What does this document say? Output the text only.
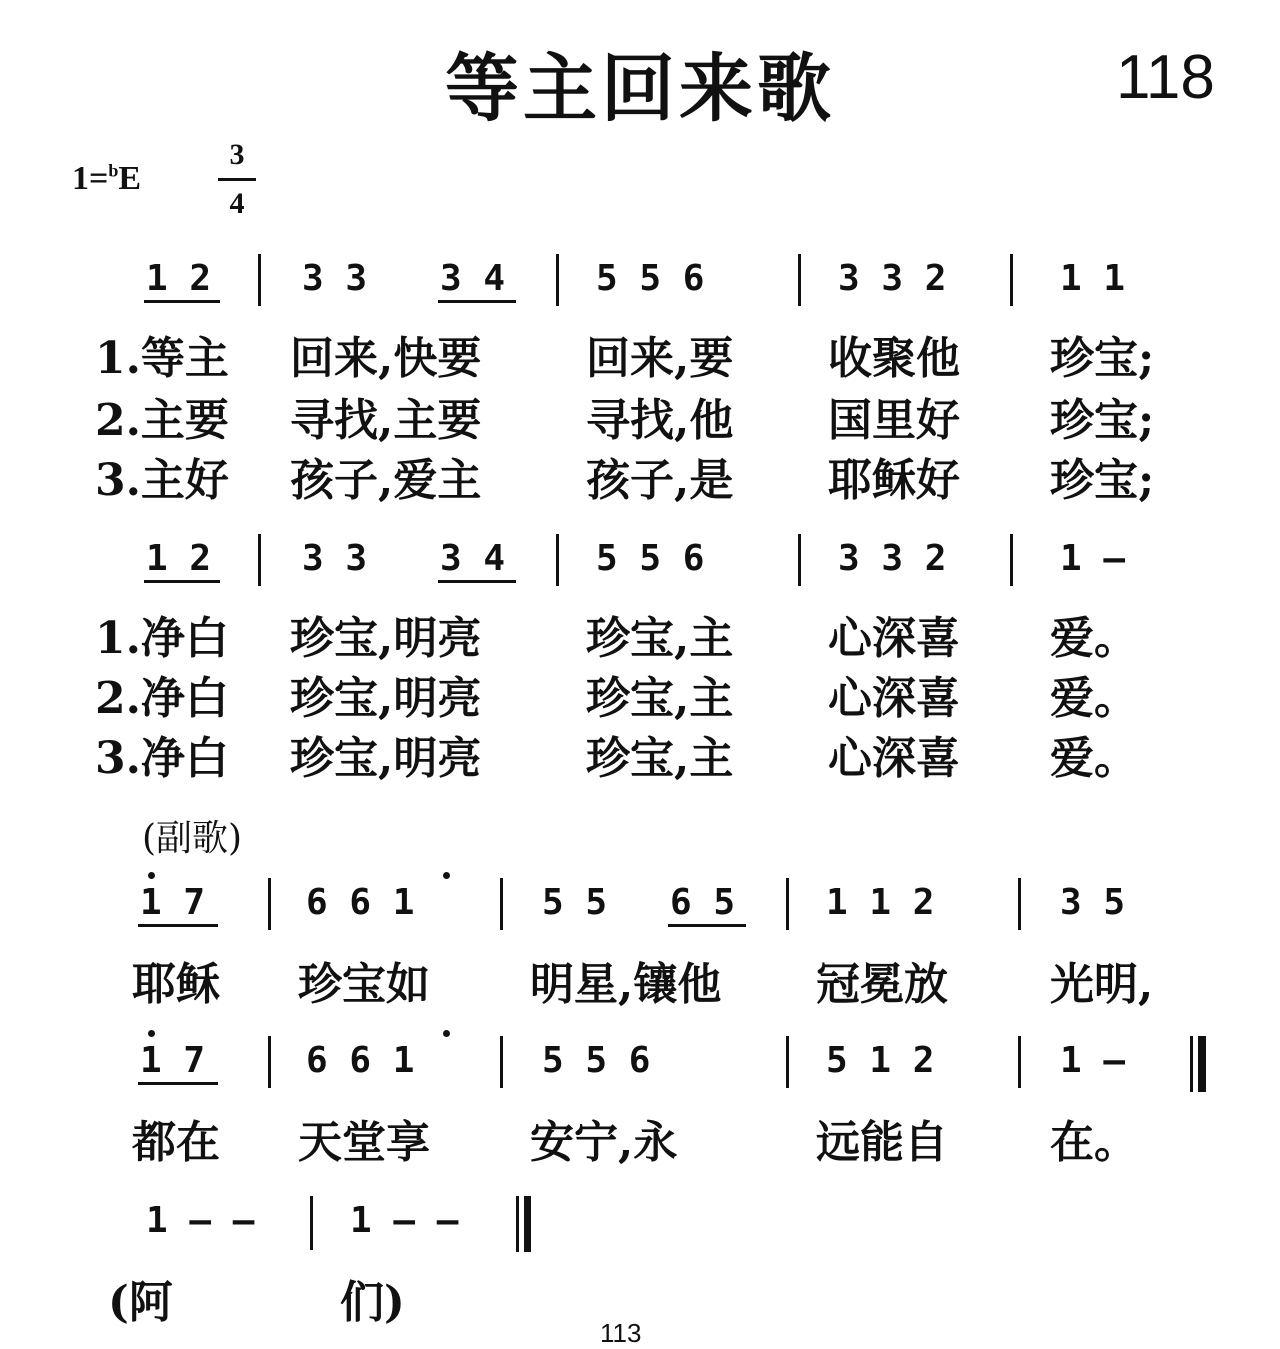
等主回来歌	118
1=$^b$E
3
4
1 2	3 3 3 4	5 5 6	3 3 2	1 1
1.等主 回来,快要 回来,要 收聚他 珍宝;
2.主要 寻找,主要 寻找,他 国里好 珍宝;
3.主好 孩子,爱主 孩子,是 耶稣好 珍宝;
1 2	3 3 3 4	5 5 6	3 3 2	1 –
1.净白 珍宝,明亮 珍宝,主 心深喜 爱。
2.净白 珍宝,明亮 珍宝,主 心深喜 爱。
3.净白 珍宝,明亮 珍宝,主 心深喜 爱。
(副歌)
1 7	6 6 1	5 5 6 5	1 1 2	3 5
耶稣 珍宝如 明星,镶他 冠冕放 光明,
1 7	6 6 1	5 5 6	5 1 2	1 –
都在 天堂享 安宁,永	远能自 在。
1 – –	1 – –
(阿	们)
113
